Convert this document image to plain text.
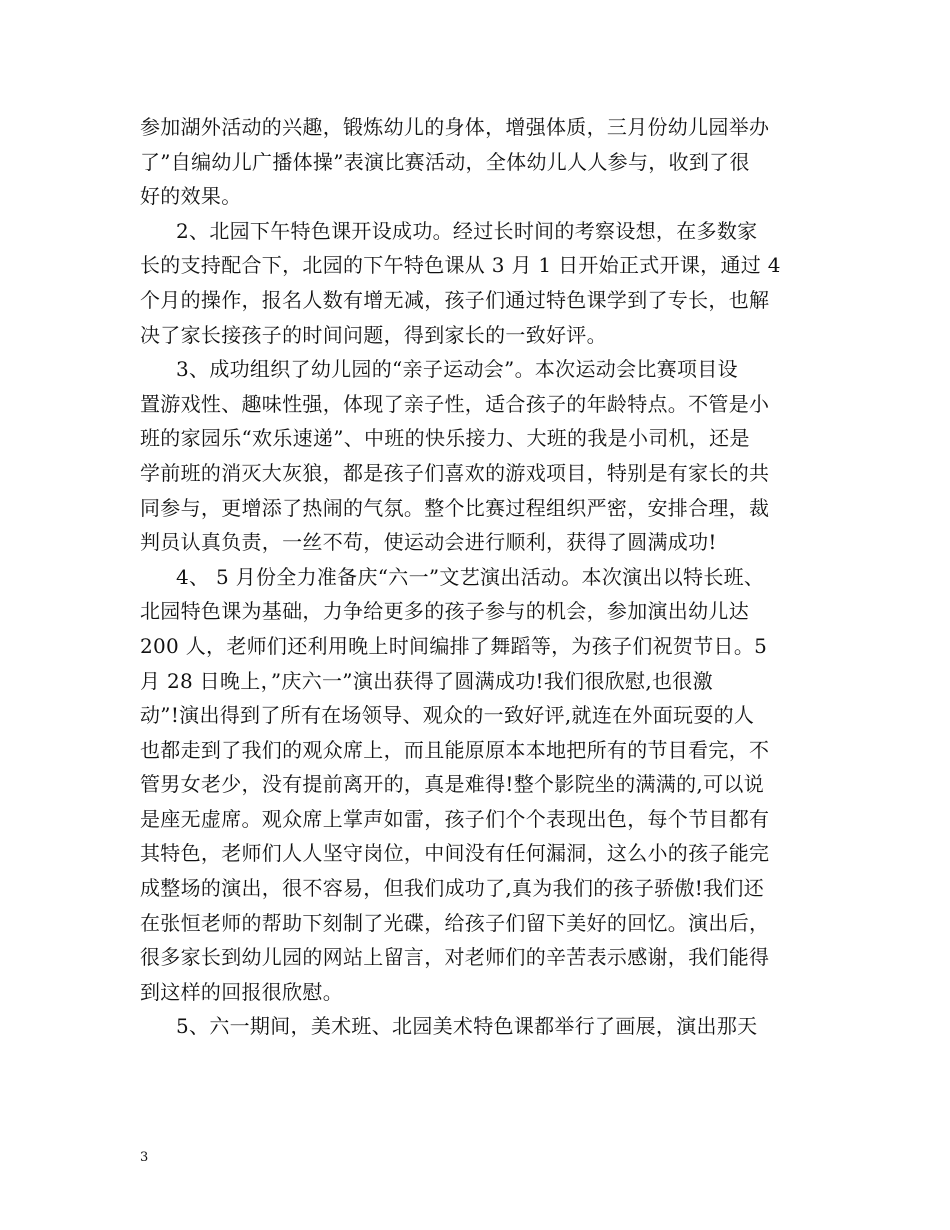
参加湖外活动的兴趣，锻炼幼儿的身体，增强体质，三月份幼儿园举办
了”自编幼儿广播体操”表演比赛活动，全体幼儿人人参与，收到了很
好的效果。
2、北园下午特色课开设成功。经过长时间的考察设想，在多数家
长的支持配合下，北园的下午特色课从 3 月 1 日开始正式开课，通过 4
个月的操作，报名人数有增无减，孩子们通过特色课学到了专长，也解
决了家长接孩子的时间问题，得到家长的一致好评。
3、成功组织了幼儿园的“亲子运动会”。本次运动会比赛项目设
置游戏性、趣味性强，体现了亲子性，适合孩子的年龄特点。不管是小
班的家园乐“欢乐速递”、中班的快乐接力、大班的我是小司机，还是
学前班的消灭大灰狼，都是孩子们喜欢的游戏项目，特别是有家长的共
同参与，更增添了热闹的气氛。整个比赛过程组织严密，安排合理，裁
判员认真负责，一丝不苟，使运动会进行顺利，获得了圆满成功!
4、 5 月份全力准备庆“六一”文艺演出活动。本次演出以特长班、
北园特色课为基础，力争给更多的孩子参与的机会，参加演出幼儿达
200 人，老师们还利用晚上时间编排了舞蹈等，为孩子们祝贺节日。5
月 28 日晚上，”庆六一”演出获得了圆满成功!我们很欣慰,也很激
动”!演出得到了所有在场领导、观众的一致好评,就连在外面玩耍的人
也都走到了我们的观众席上，而且能原原本本地把所有的节目看完，不
管男女老少，没有提前离开的，真是难得!整个影院坐的满满的,可以说
是座无虚席。观众席上掌声如雷，孩子们个个表现出色，每个节目都有
其特色，老师们人人坚守岗位，中间没有任何漏洞，这么小的孩子能完
成整场的演出，很不容易，但我们成功了,真为我们的孩子骄傲!我们还
在张恒老师的帮助下刻制了光碟，给孩子们留下美好的回忆。演出后，
很多家长到幼儿园的网站上留言，对老师们的辛苦表示感谢，我们能得
到这样的回报很欣慰。
5、六一期间，美术班、北园美术特色课都举行了画展，演出那天
3
